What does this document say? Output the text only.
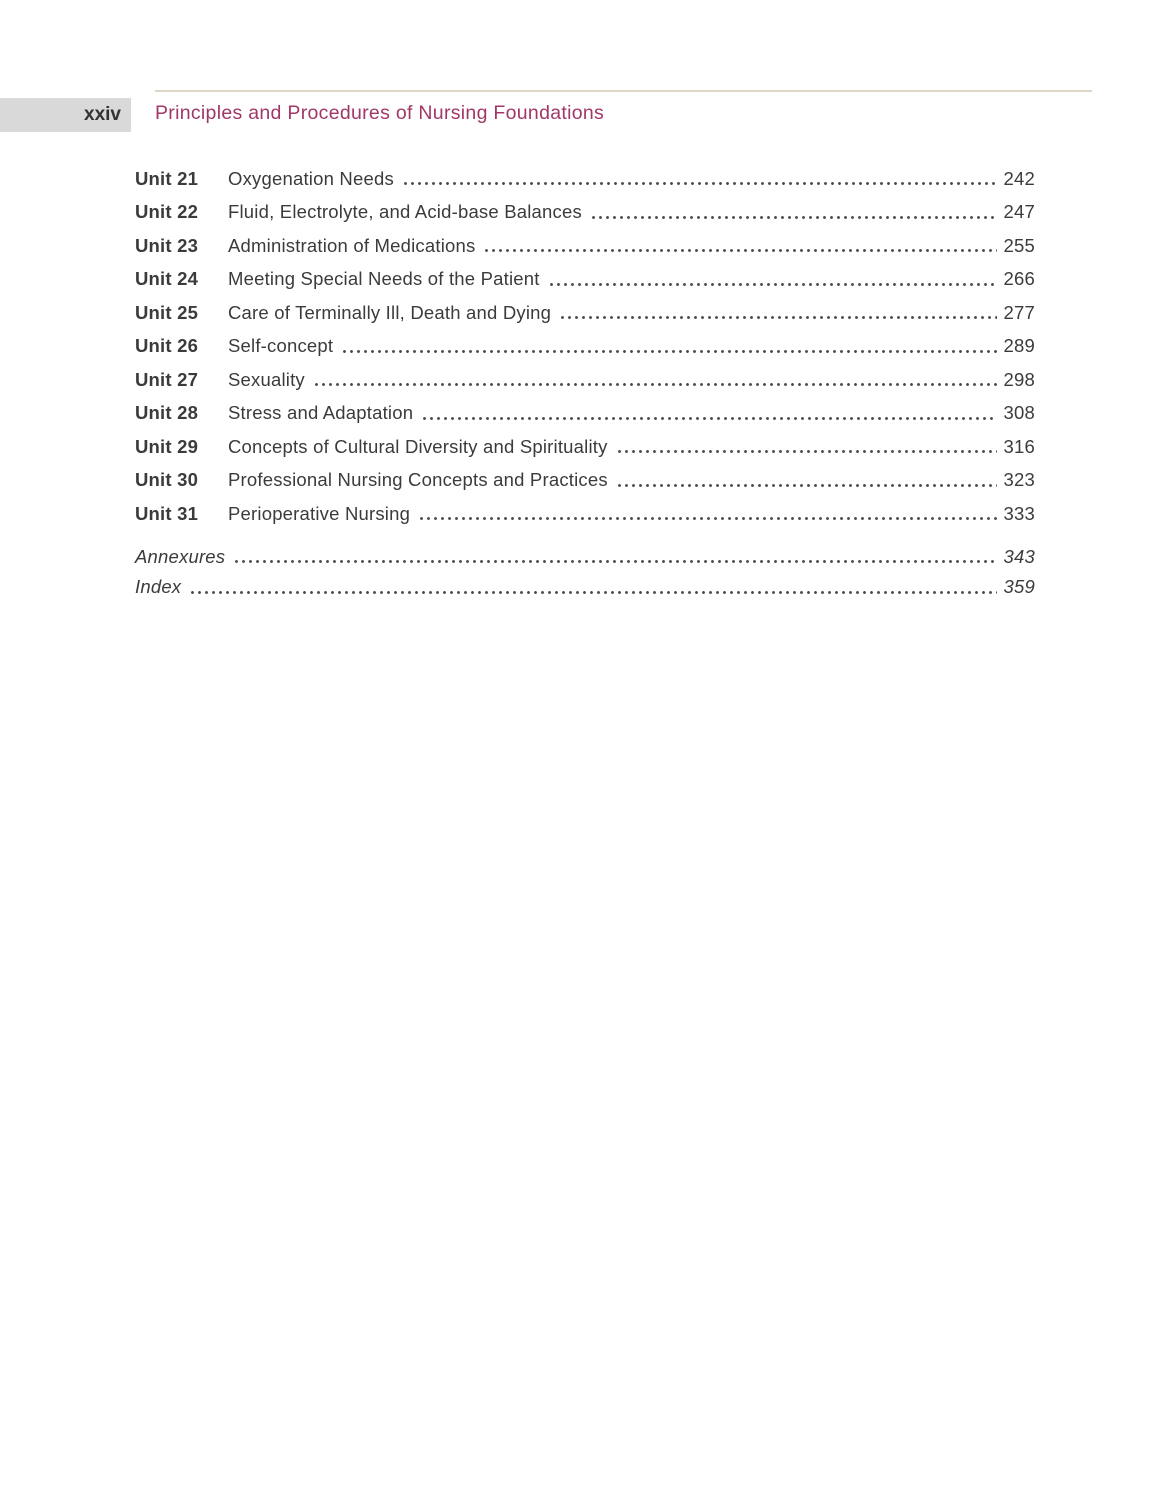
xxiv	Principles and Procedures of Nursing Foundations
Unit 21	Oxygenation Needs	242
Unit 22	Fluid, Electrolyte, and Acid-base Balances	247
Unit 23	Administration of Medications	255
Unit 24	Meeting Special Needs of the Patient	266
Unit 25	Care of Terminally Ill, Death and Dying	277
Unit 26	Self-concept	289
Unit 27	Sexuality	298
Unit 28	Stress and Adaptation	308
Unit 29	Concepts of Cultural Diversity and Spirituality	316
Unit 30	Professional Nursing Concepts and Practices	323
Unit 31	Perioperative Nursing	333
Annexures	343
Index	359
